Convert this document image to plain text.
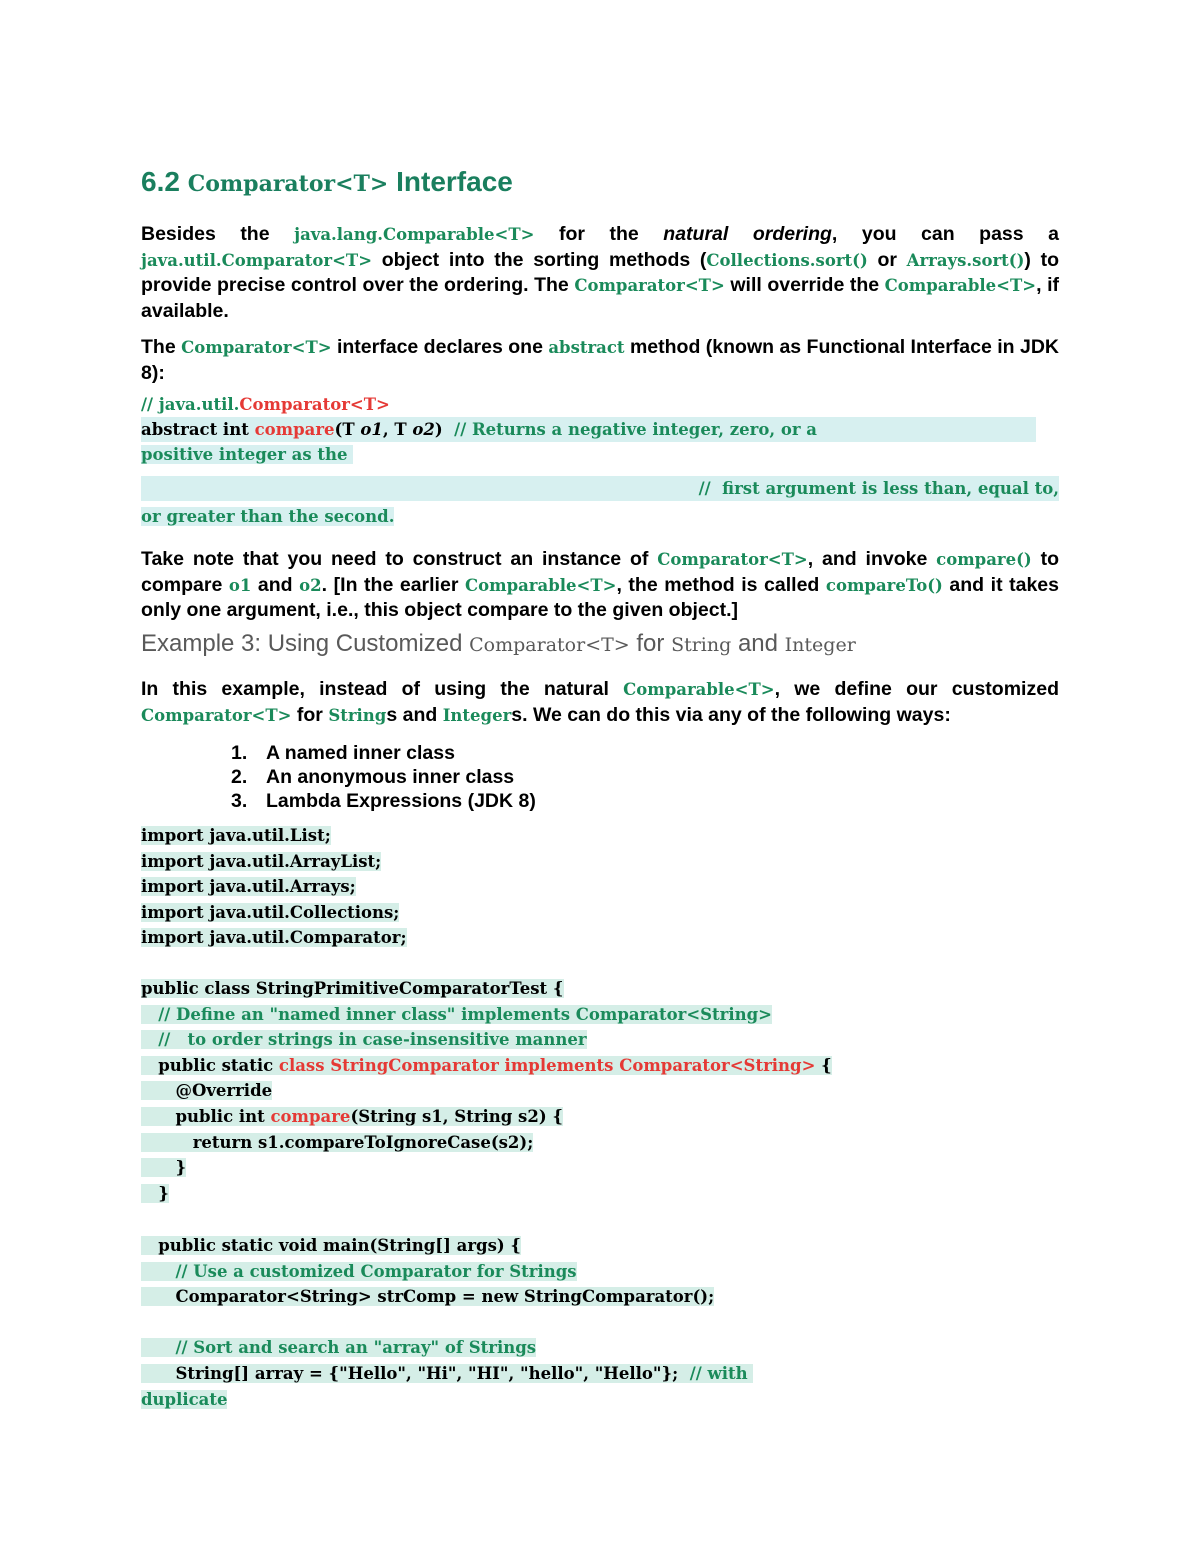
6.2 Comparator<T> Interface
Besides the java.lang.Comparable<T> for the natural ordering, you can pass a java.util.Comparator<T> object into the sorting methods (Collections.sort() or Arrays.sort()) to provide precise control over the ordering. The Comparator<T> will override the Comparable<T>, if available.
The Comparator<T> interface declares one abstract method (known as Functional Interface in JDK 8):
// java.util.Comparator<T>
abstract int compare(T o1, T o2)  // Returns a negative integer, zero, or a
positive integer as the
//  first argument is less than, equal to,
or greater than the second.
Take note that you need to construct an instance of Comparator<T>, and invoke compare() to compare o1 and o2. [In the earlier Comparable<T>, the method is called compareTo() and it takes only one argument, i.e., this object compare to the given object.]
Example 3: Using Customized Comparator<T> for String and Integer
In this example, instead of using the natural Comparable<T>, we define our customized Comparator<T> for Strings and Integers. We can do this via any of the following ways:
1. A named inner class
2. An anonymous inner class
3. Lambda Expressions (JDK 8)
import java.util.List;
import java.util.ArrayList;
import java.util.Arrays;
import java.util.Collections;
import java.util.Comparator;
public class StringPrimitiveComparatorTest {
// Define an "named inner class" implements Comparator<String>
//   to order strings in case-insensitive manner
public static class StringComparator implements Comparator<String> {
@Override
public int compare(String s1, String s2) {
return s1.compareToIgnoreCase(s2);
}
}
public static void main(String[] args) {
// Use a customized Comparator for Strings
Comparator<String> strComp = new StringComparator();
// Sort and search an "array" of Strings
String[] array = {"Hello", "Hi", "HI", "hello", "Hello"};  // with
duplicate
